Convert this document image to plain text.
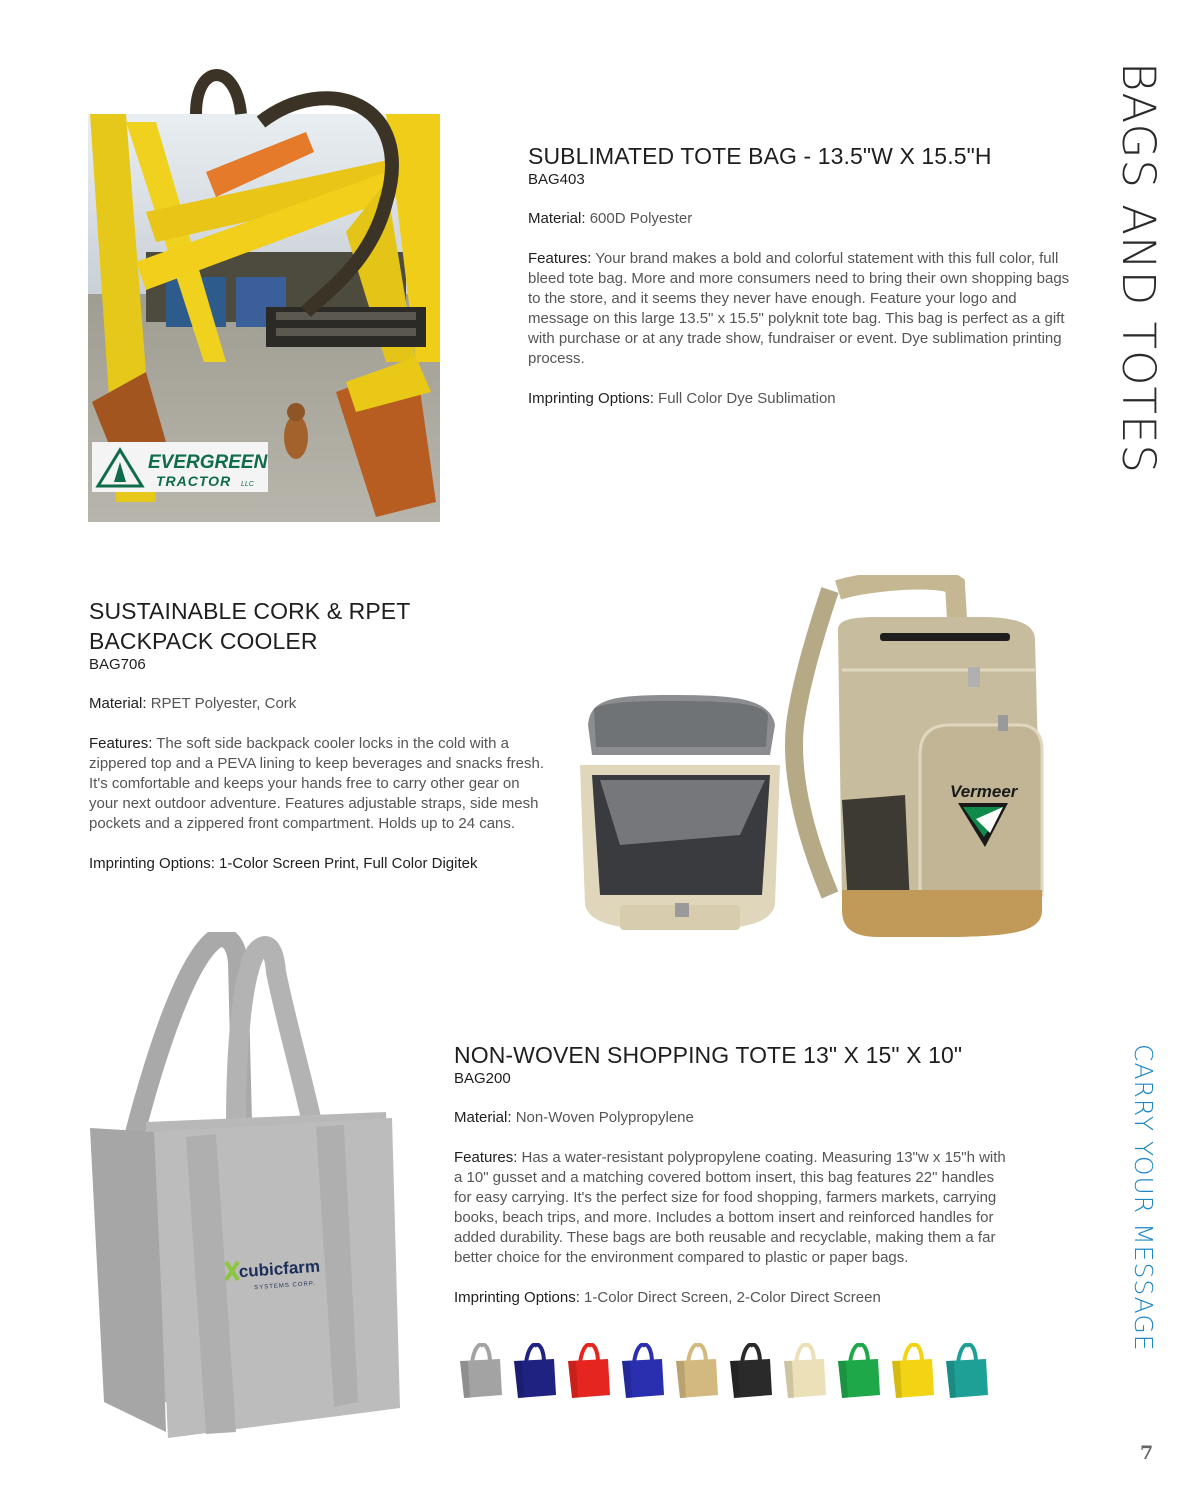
BAGS AND TOTES
CARRY YOUR MESSAGE
7
EVERGREEN
TRACTOR LLC
SUBLIMATED TOTE BAG - 13.5"W X 15.5"H
BAG403
Material: 600D Polyester
Features: Your brand makes a bold and colorful statement with this full color, full bleed tote bag. More and more consumers need to bring their own shopping bags to the store, and it seems they never have enough. Feature your logo and message on this large 13.5" x 15.5" polyknit tote bag. This bag is perfect as a gift with purchase or at any trade show, fundraiser or event. Dye sublimation printing process.
Imprinting Options: Full Color Dye Sublimation
SUSTAINABLE CORK & RPET
BACKPACK COOLER
BAG706
Material: RPET Polyester, Cork
Features: The soft side backpack cooler locks in the cold with a zippered top and a PEVA lining to keep beverages and snacks fresh. It's comfortable and keeps your hands free to carry other gear on your next outdoor adventure. Features adjustable straps, side mesh pockets and a zippered front compartment. Holds up to 24 cans.
Imprinting Options: 1-Color Screen Print, Full Color Digitek
Vermeer
cubicfarm
SYSTEMS CORP.
NON-WOVEN SHOPPING TOTE 13" X 15" X 10"
BAG200
Material: Non-Woven Polypropylene
Features: Has a water-resistant polypropylene coating. Measuring 13"w x 15"h with a 10" gusset and a matching covered bottom insert, this bag features 22" handles for easy carrying. It's the perfect size for food shopping, farmers markets, carrying books, beach trips, and more. Includes a bottom insert and reinforced handles for added durability. These bags are both reusable and recyclable, making them a far better choice for the environment compared to plastic or paper bags.
Imprinting Options: 1-Color Direct Screen, 2-Color Direct Screen
